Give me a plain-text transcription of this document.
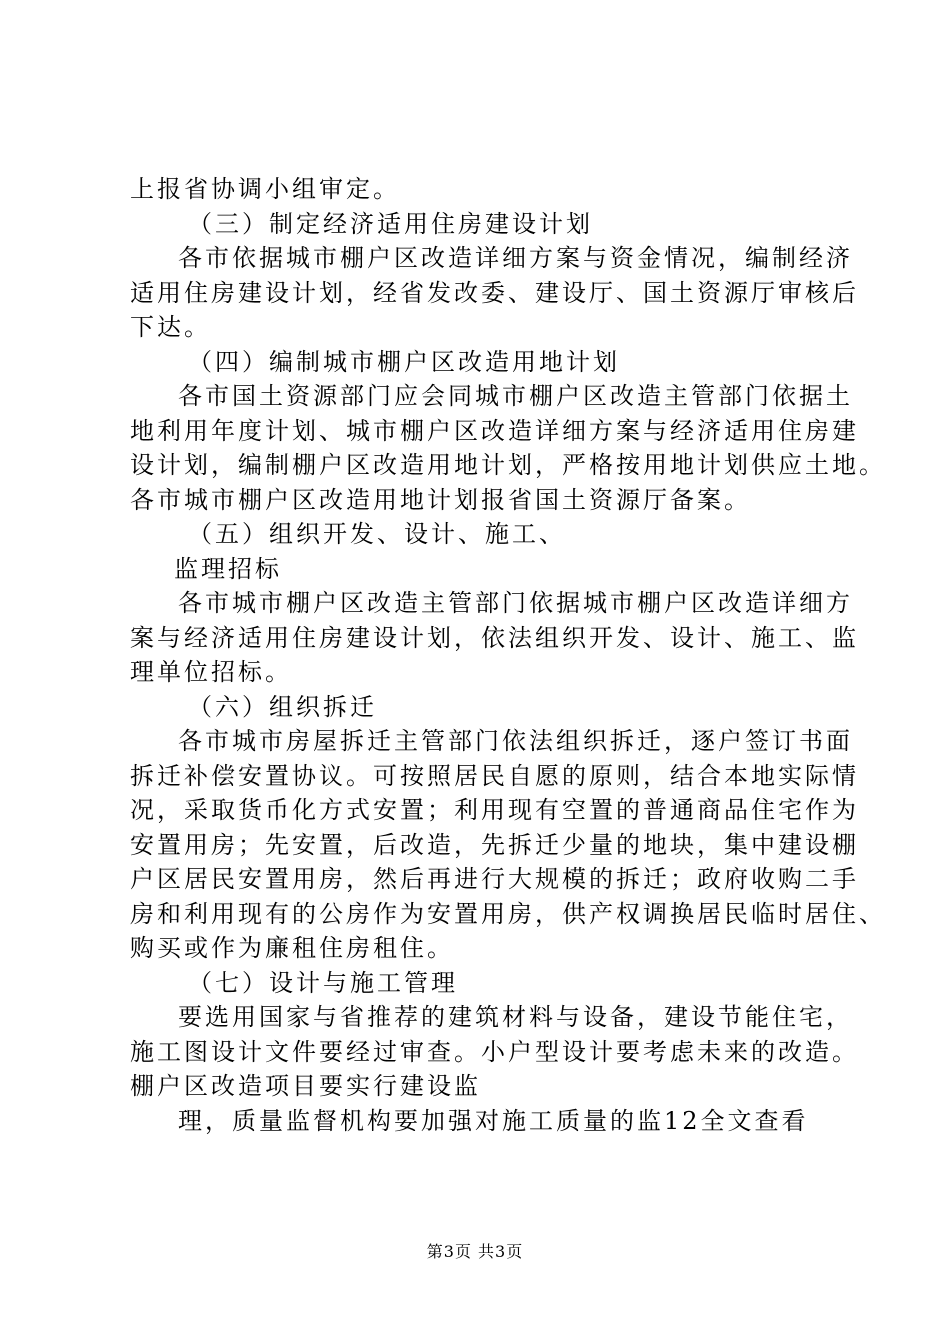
上报省协调小组审定。
（三）制定经济适用住房建设计划
各市依据城市棚户区改造详细方案与资金情况，编制经济
适用住房建设计划，经省发改委、建设厅、国土资源厅审核后
下达。
（四）编制城市棚户区改造用地计划
各市国土资源部门应会同城市棚户区改造主管部门依据土
地利用年度计划、城市棚户区改造详细方案与经济适用住房建
设计划，编制棚户区改造用地计划，严格按用地计划供应土地。
各市城市棚户区改造用地计划报省国土资源厅备案。
（五）组织开发、设计、施工、
监理招标
各市城市棚户区改造主管部门依据城市棚户区改造详细方
案与经济适用住房建设计划，依法组织开发、设计、施工、监
理单位招标。
（六）组织拆迁
各市城市房屋拆迁主管部门依法组织拆迁，逐户签订书面
拆迁补偿安置协议。可按照居民自愿的原则，结合本地实际情
况，采取货币化方式安置；利用现有空置的普通商品住宅作为
安置用房；先安置，后改造，先拆迁少量的地块，集中建设棚
户区居民安置用房，然后再进行大规模的拆迁；政府收购二手
房和利用现有的公房作为安置用房，供产权调换居民临时居住、
购买或作为廉租住房租住。
（七）设计与施工管理
要选用国家与省推荐的建筑材料与设备，建设节能住宅，
施工图设计文件要经过审查。小户型设计要考虑未来的改造。
棚户区改造项目要实行建设监
理，质量监督机构要加强对施工质量的监12全文查看
第3页 共3页
